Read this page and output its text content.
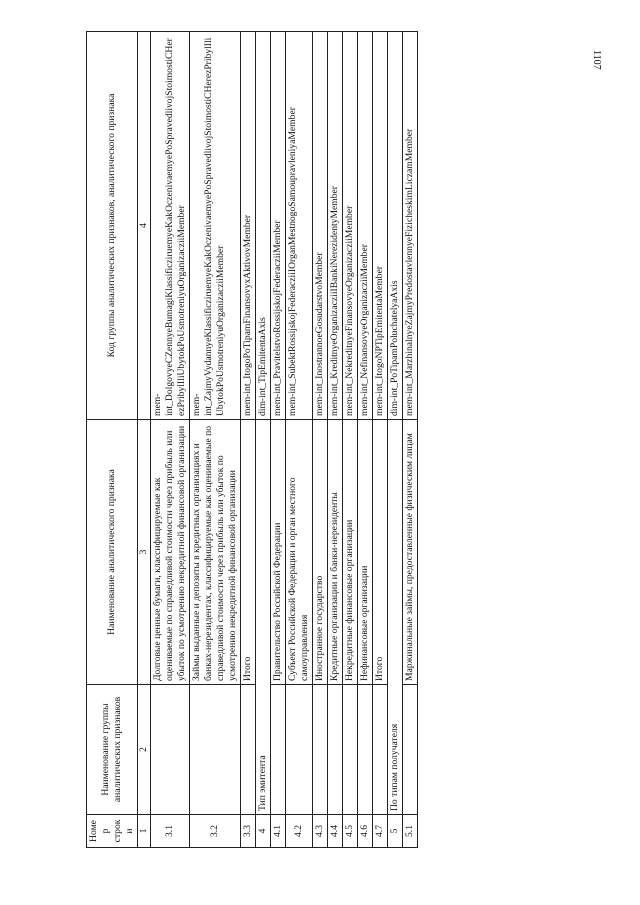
1107
Номер строки	Наименование группы аналитических признаков	Наименование аналитического признака	Код группы аналитических признаков, аналитического признака
1	2	3	4
3.1		Долговые ценные бумаги, классифицируемые как оцениваемые по справедливой стоимости через прибыль или убыток по усмотрению некредитной финансовой организации	mem-int_DolgovyeCZennyeBumagiKlassificziruemyeKakOczenivaemyePoSpravedlivojStoimostiCHerezPribylIliUbytokPoUsmotreniyuOrganizacziiMember
3.2		Займы выданные и депозиты в кредитных организациях и банках-нерезидентах, классифицируемые как оцениваемые по справедливой стоимости через прибыль или убыток по усмотрению некредитной финансовой организации	mem-int_ZajmyVydannyeKlassificziruemyeKakOczenivaemyePoSpravedlivojStoimostiCHerezPribylIliUbytokPoUsmotreniyuOrganizacziiMember
3.3		Итого	mem-int_ItogoPoTipamFinansovyxAktivovMember
4	Тип эмитента		dim-int_TipEmitentaAxis
4.1		Правительство Российской Федерации	mem-int_PravitelstvoRossijskojFederacziiMember
4.2		Субъект Российской Федерации и орган местного самоуправления	mem-int_SubektRossijskojFederacziiIOrganMestnogoSamoupravleniyaMember
4.3		Иностранное государство	mem-int_InostrannoeGosudarstvoMember
4.4		Кредитные организации и банки-нерезиденты	mem-int_KreditnyeOrganizacziiIBankiNerezidentyMember
4.5		Некредитные финансовые организации	mem-int_NekreditnyeFinansovyeOrganizacziiMember
4.6		Нефинансовые организации	mem-int_NefinansovyeOrganizacziiMember
4.7		Итого	mem-int_ItogoNPTipEmitentaMember
5	По типам получателя		dim-int_PoTipamPoluchatelyaAxis
5.1		Маржинальные займы, предоставленные физическим лицам	mem-int_MarzhinalnyeZajmyPredostavlennyeFizicheskimLiczamMember
